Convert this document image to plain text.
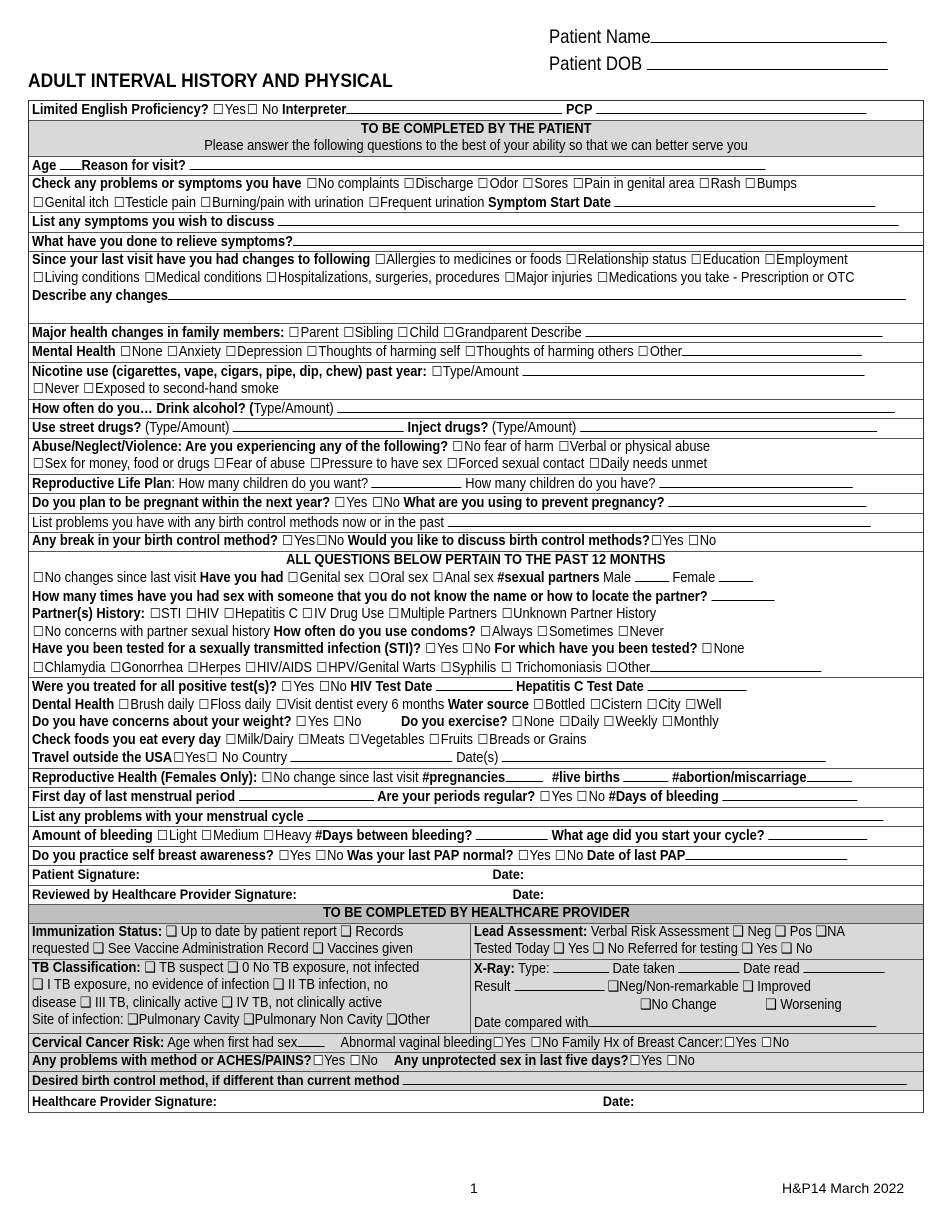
Patient Name
Patient DOB
ADULT INTERVAL HISTORY AND PHYSICAL
Limited English Proficiency? Yes No Interpreter	PCP
TO BE COMPLETED BY THE PATIENT
Please answer the following questions to the best of your ability so that we can better serve you
Age Reason for visit?
Check any problems or symptoms you have No complaints Discharge Odor Sores Pain in genital area Rash Bumps
Genital itch Testicle pain Burning/pain with urination Frequent urination Symptom Start Date
List any symptoms you wish to discuss
What have you done to relieve symptoms?
Since your last visit have you had changes to following Allergies to medicines or foods Relationship status Education Employment
Living conditions Medical conditions Hospitalizations, surgeries, procedures Major injuries Medications you take - Prescription or OTC
Describe any changes
Major health changes in family members: Parent Sibling Child Grandparent Describe
Mental Health None Anxiety Depression Thoughts of harming self Thoughts of harming others Other
Nicotine use (cigarettes, vape, cigars, pipe, dip, chew) past year: Type/Amount
Never Exposed to second-hand smoke
How often do you… Drink alcohol? (Type/Amount)
Use street drugs? (Type/Amount)	Inject drugs? (Type/Amount)
Abuse/Neglect/Violence: Are you experiencing any of the following? No fear of harm Verbal or physical abuse
Sex for money, food or drugs Fear of abuse Pressure to have sex Forced sexual contact Daily needs unmet
Reproductive Life Plan: How many children do you want?	How many children do you have?
Do you plan to be pregnant within the next year? Yes No What are you using to prevent pregnancy?
List problems you have with any birth control methods now or in the past
Any break in your birth control method? Yes No Would you like to discuss birth control methods? Yes No
ALL QUESTIONS BELOW PERTAIN TO THE PAST 12 MONTHS
No changes since last visit Have you had Genital sex Oral sex Anal sex #sexual partners Male	Female
How many times have you had sex with someone that you do not know the name or how to locate the partner?
Partner(s) History: STI HIV Hepatitis C IV Drug Use Multiple Partners Unknown Partner History
No concerns with partner sexual history How often do you use condoms? Always Sometimes Never
Have you been tested for a sexually transmitted infection (STI)? Yes No For which have you been tested? None
Chlamydia Gonorrhea Herpes HIV/AIDS HPV/Genital Warts Syphilis Trichomoniasis Other
Were you treated for all positive test(s)? Yes No HIV Test Date	Hepatitis C Test Date
Dental Health Brush daily Floss daily Visit dentist every 6 months Water source Bottled Cistern City Well
Do you have concerns about your weight? Yes No	Do you exercise? None Daily Weekly Monthly
Check foods you eat every day Milk/Dairy Meats Vegetables Fruits Breads or Grains
Travel outside the USA Yes No Country	Date(s)
Reproductive Health (Females Only): No change since last visit #pregnancies	#live births	#abortion/miscarriage
First day of last menstrual period	Are your periods regular? Yes No #Days of bleeding
List any problems with your menstrual cycle
Amount of bleeding Light Medium Heavy #Days between bleeding?	What age did you start your cycle?
Do you practice self breast awareness? Yes No Was your last PAP normal? Yes No Date of last PAP
Patient Signature:	Date:
Reviewed by Healthcare Provider Signature:	Date:
TO BE COMPLETED BY HEALTHCARE PROVIDER
Immunization Status: ❑ Up to date by patient report ❑ Records
requested ❑ See Vaccine Administration Record ❑ Vaccines given
Lead Assessment: Verbal Risk Assessment ❑ Neg ❑ Pos ❑NA
Tested Today ❑ Yes ❑ No Referred for testing ❑ Yes ❑ No
TB Classification: ❑ TB suspect ❑ 0 No TB exposure, not infected
❑ I TB exposure, no evidence of infection ❑ II TB infection, no
disease ❑ III TB, clinically active ❑ IV TB, not clinically active
Site of infection: ❑Pulmonary Cavity ❑Pulmonary Non Cavity ❑Other
X-Ray: Type:	Date taken	Date read
Result	❑Neg/Non-remarkable ❑ Improved
❑No Change	❑ Worsening
Date compared with
Cervical Cancer Risk: Age when first had sex	Abnormal vaginal bleeding Yes No Family Hx of Breast Cancer: Yes No
Any problems with method or ACHES/PAINS? Yes No Any unprotected sex in last five days? Yes No
Desired birth control method, if different than current method
Healthcare Provider Signature:	Date:
1	H&P14 March 2022
